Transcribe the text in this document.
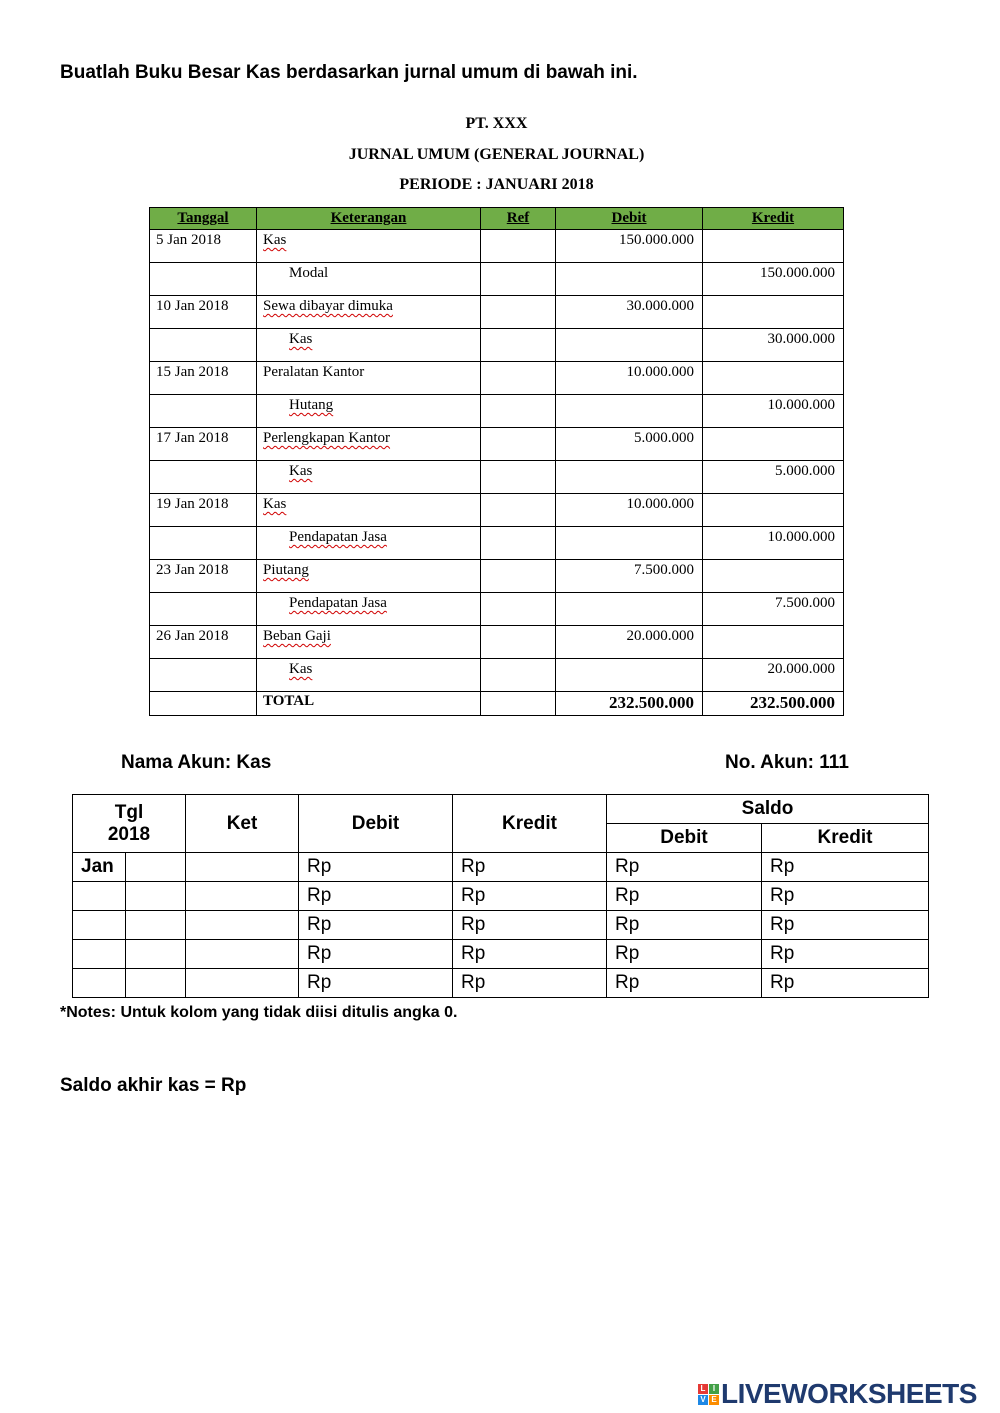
Buatlah Buku Besar Kas berdasarkan jurnal umum di bawah ini.
PT. XXX
JURNAL UMUM (GENERAL JOURNAL)
PERIODE : JANUARI 2018
Tanggal	Keterangan	Ref	Debit	Kredit
5 Jan 2018	Kas		150.000.000	
	Modal			150.000.000
10 Jan 2018	Sewa dibayar dimuka		30.000.000	
	Kas			30.000.000
15 Jan 2018	Peralatan Kantor		10.000.000	
	Hutang			10.000.000
17 Jan 2018	Perlengkapan Kantor		5.000.000	
	Kas			5.000.000
19 Jan 2018	Kas		10.000.000	
	Pendapatan Jasa			10.000.000
23 Jan 2018	Piutang		7.500.000	
	Pendapatan Jasa			7.500.000
26 Jan 2018	Beban Gaji		20.000.000	
	Kas			20.000.000
	TOTAL		232.500.000	232.500.000
Nama Akun: Kas	No. Akun: 111
Tgl
2018		Ket	Debit	Kredit	Saldo	
					Debit	Kredit
Jan			Rp	Rp	Rp	Rp
			Rp	Rp	Rp	Rp
			Rp	Rp	Rp	Rp
			Rp	Rp	Rp	Rp
			Rp	Rp	Rp	Rp
*Notes: Untuk kolom yang tidak diisi ditulis angka 0.
Saldo akhir kas = Rp
L I
V E LIVEWORKSHEETS
